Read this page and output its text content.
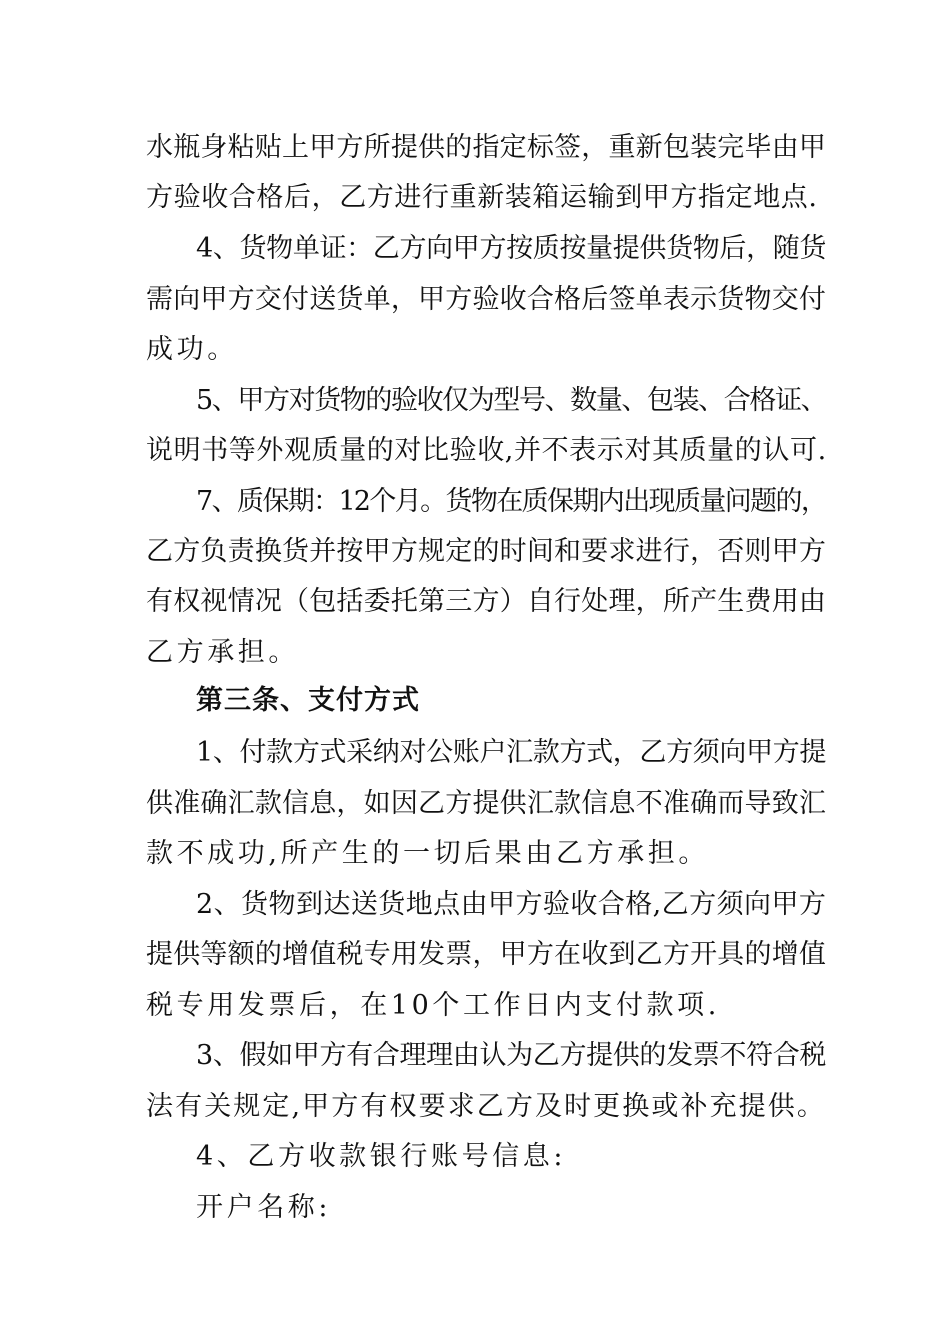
水瓶身粘贴上甲方所提供的指定标签，重新包装完毕由甲
方验收合格后，乙方进行重新装箱运输到甲方指定地点.
4、货物单证：乙方向甲方按质按量提供货物后，随货
需向甲方交付送货单，甲方验收合格后签单表示货物交付
成功。
5、甲方对货物的验收仅为型号、数量、包装、合格证、
说明书等外观质量的对比验收,并不表示对其质量的认可.
7、质保期：12个月。货物在质保期内出现质量问题的，
乙方负责换货并按甲方规定的时间和要求进行，否则甲方
有权视情况（包括委托第三方）自行处理，所产生费用由
乙方承担。
第三条、支付方式
1、付款方式采纳对公账户汇款方式，乙方须向甲方提
供准确汇款信息，如因乙方提供汇款信息不准确而导致汇
款不成功,所产生的一切后果由乙方承担。
2、货物到达送货地点由甲方验收合格,乙方须向甲方
提供等额的增值税专用发票，甲方在收到乙方开具的增值
税专用发票后，在10个工作日内支付款项.
3、假如甲方有合理理由认为乙方提供的发票不符合税
法有关规定,甲方有权要求乙方及时更换或补充提供。
4、乙方收款银行账号信息:
开户名称:
